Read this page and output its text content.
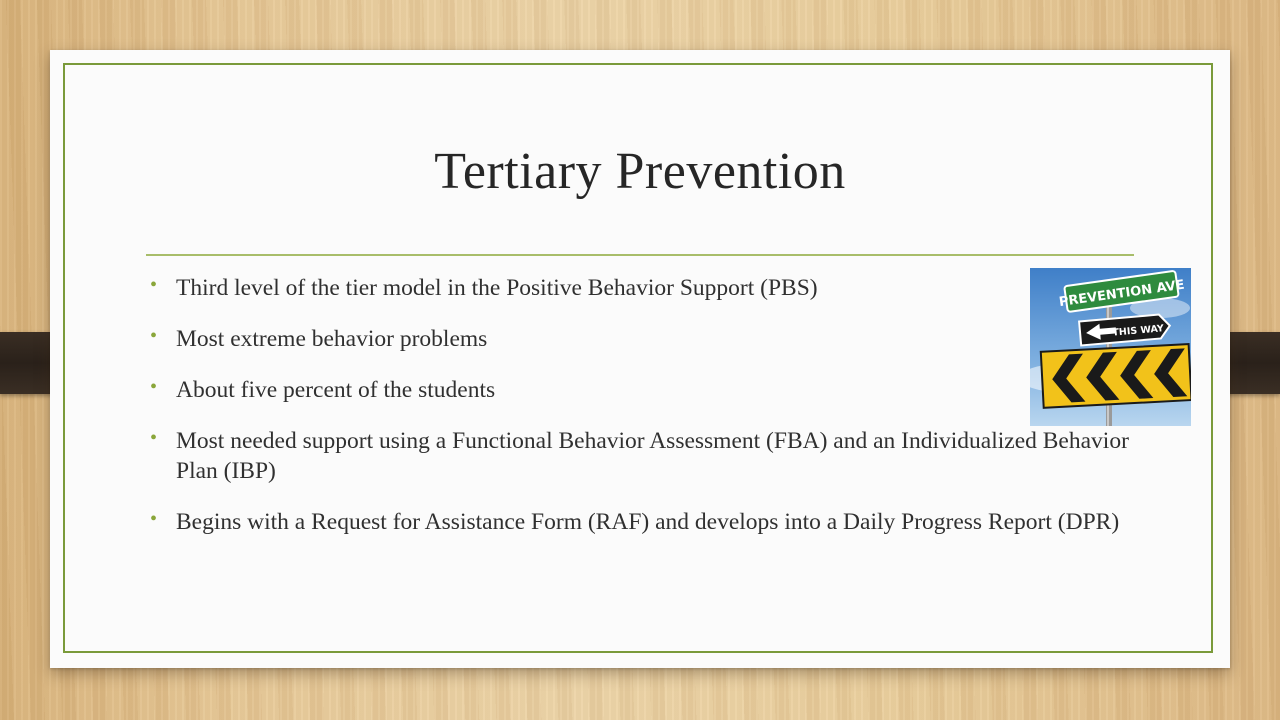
Tertiary Prevention
• Third level of the tier model in the Positive Behavior Support (PBS)
• Most extreme behavior problems
• About five percent of the students
• Most needed support using a Functional Behavior Assessment (FBA) and an Individualized Behavior Plan (IBP)
• Begins with a Request for Assistance Form (RAF) and develops into a Daily Progress Report (DPR)
PREVENTION AVE
THIS WAY
